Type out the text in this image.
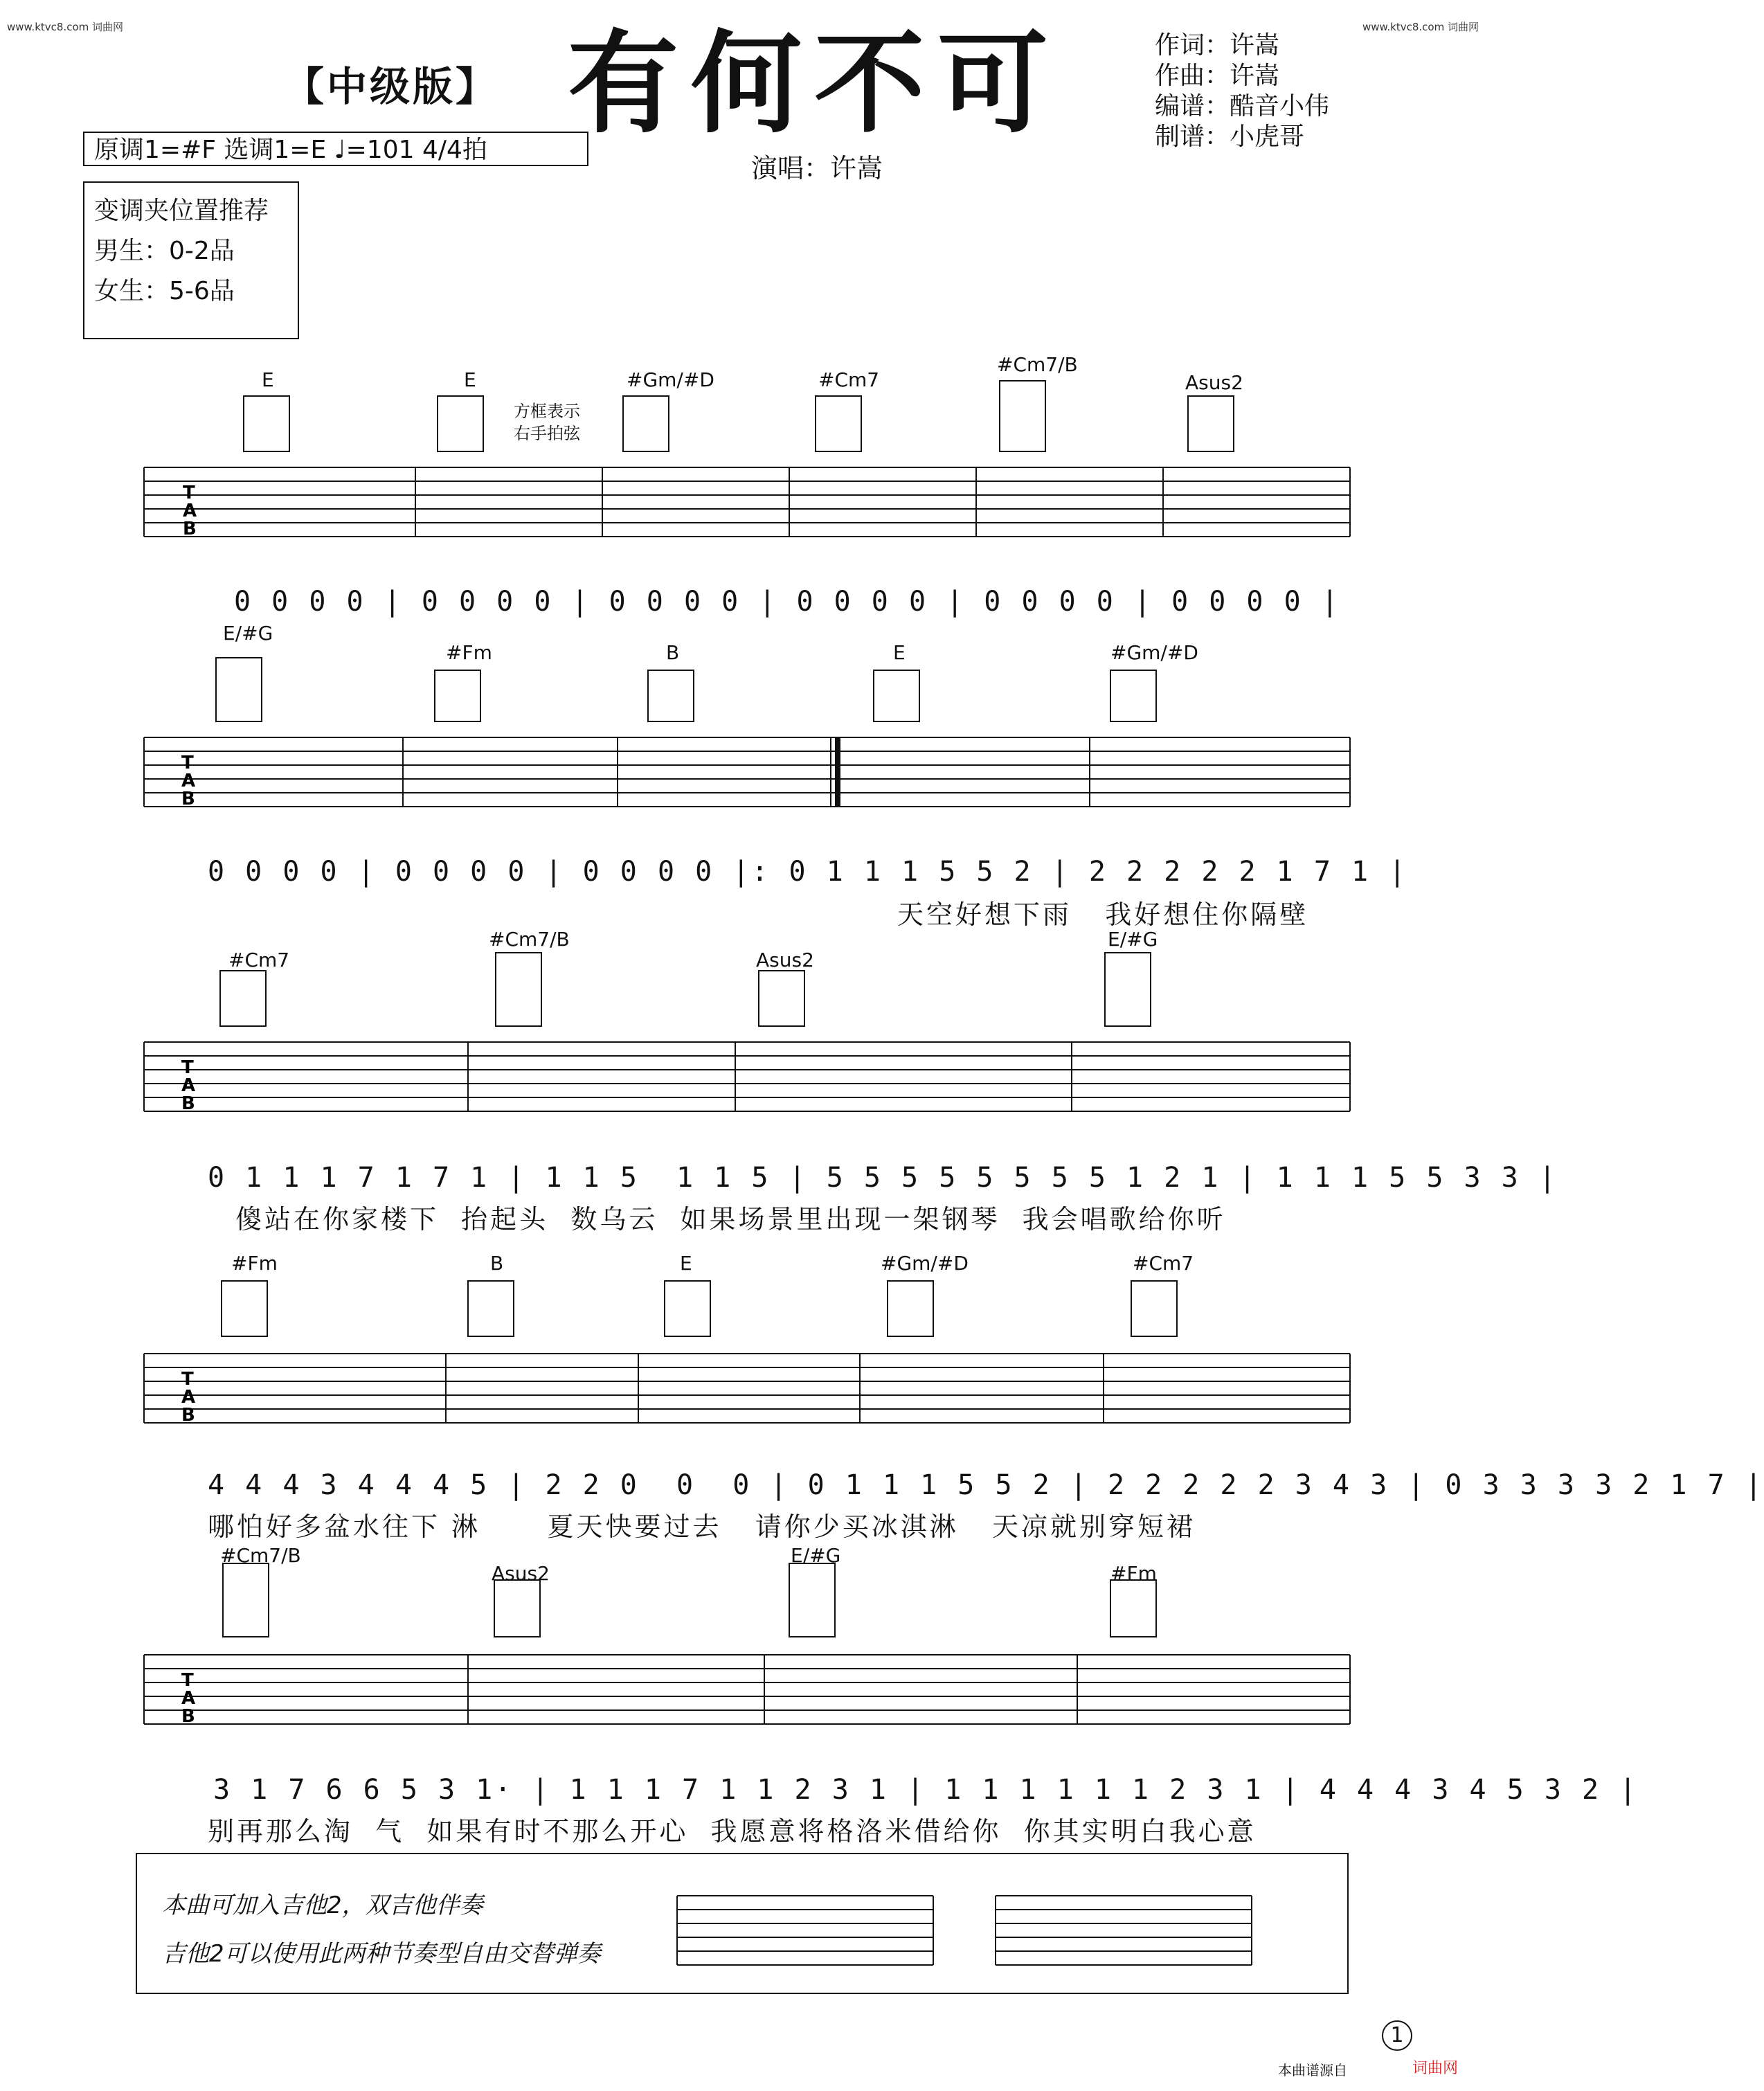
www.ktvc8.com 词曲网	www.ktvc8.com 词曲网
【中级版】 有何不可	作词：许嵩
作曲：许嵩
编谱：酷音小伟
制谱：小虎哥
原调1=#F 选调1=E ♩=101 4/4拍
演唱：许嵩
变调夹位置推荐
男生：0-2品
女生：5-6品
E	E	#Gm/#D	#Cm7
#Cm7/B
Asus2
方框表示
右手拍弦
T
A
B
0 0 0 0 | 0 0 0 0 | 0 0 0 0 | 0 0 0 0 | 0 0 0 0 | 0 0 0 0 |
E/#G
#Fm	B	E	#Gm/#D
T
A
B
0 0 0 0 | 0 0 0 0 | 0 0 0 0 |: 0 1 1 1 5 5 2 | 2 2 2 2 2 1 7 1 |
天空好想下雨   我好想住你隔壁
#Cm7
#Cm7/B
Asus2
E/#G
T
A
B
0 1 1 1 7 1 7 1 | 1 1 5  1 1 5 | 5 5 5 5 5 5 5 5 1 2 1 | 1 1 1 5 5 3 3 |
傻站在你家楼下  抬起头  数乌云  如果场景里出现一架钢琴  我会唱歌给你听
#Fm	B	E	#Gm/#D	#Cm7
T
A
B
4 4 4 3 4 4 4 5 | 2 2 0  0  0 | 0 1 1 1 5 5 2 | 2 2 2 2 2 3 4 3 | 0 3 3 3 3 2 1 7 |
哪怕好多盆水往下 淋      夏天快要过去   请你少买冰淇淋   天凉就别穿短裙
#Cm7/B
Asus2
E/#G
#Fm
T
A
B
3 1 7 6 6 5 3 1· | 1 1 1 7 1 1 2 3 1 | 1 1 1 1 1 1 2 3 1 | 4 4 4 3 4 5 3 2 |
别再那么淘  气  如果有时不那么开心  我愿意将格洛米借给你  你其实明白我心意
本曲可加入吉他2，双吉他伴奏
吉他2可以使用此两种节奏型自由交替弹奏
1
本曲谱源自	词曲网
